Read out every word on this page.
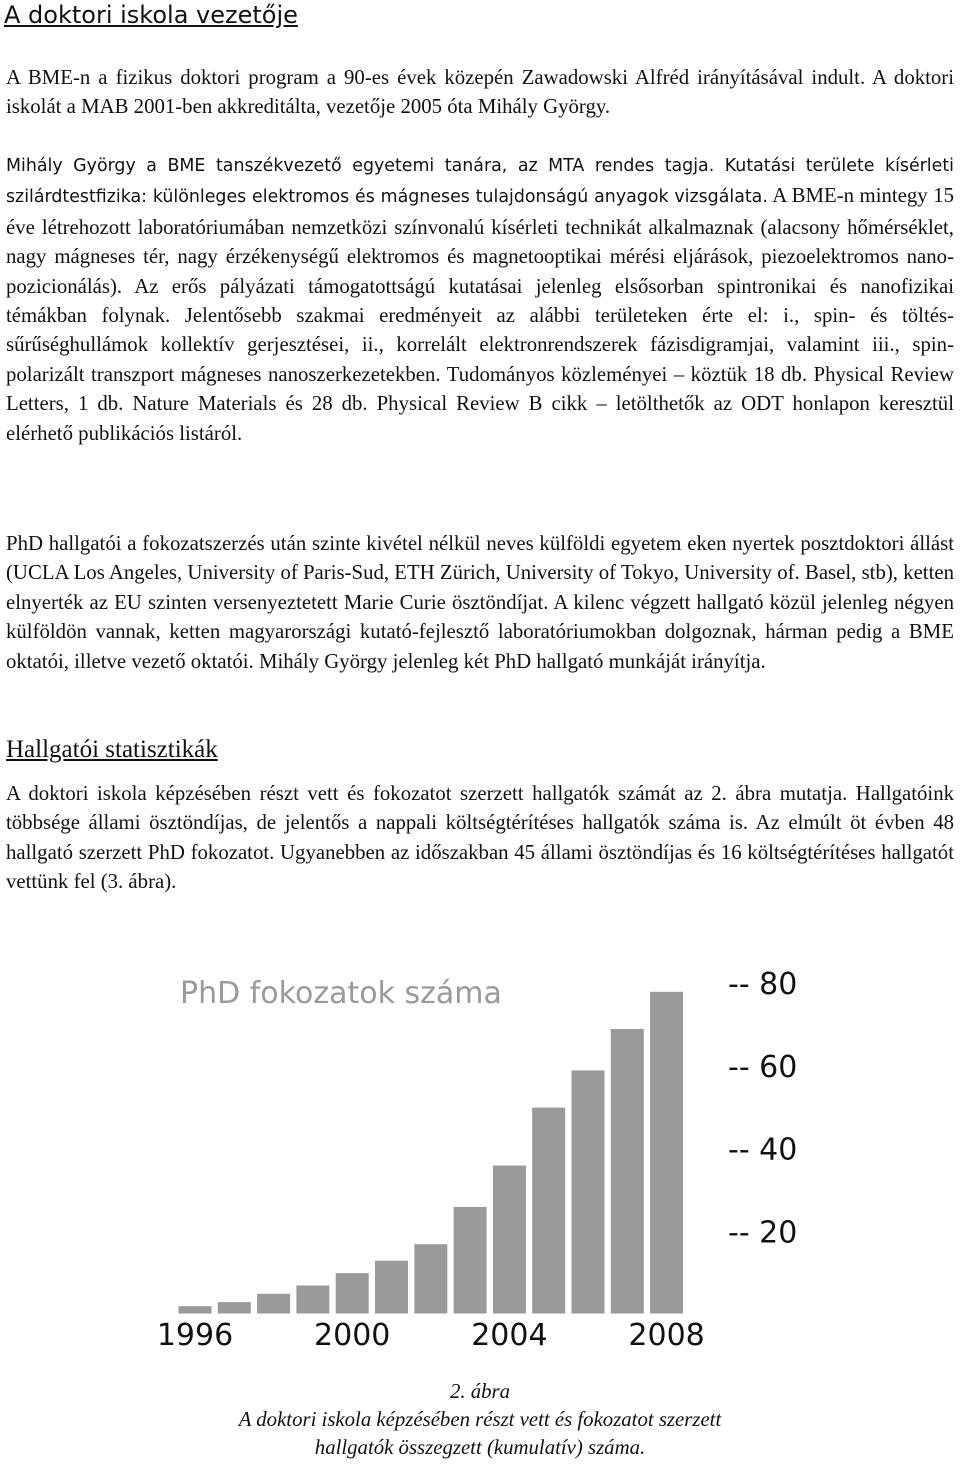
A doktori iskola vezetője

A BME-n a fizikus doktori program a 90-es évek közepén Zawadowski Alfréd irányításával indult. A doktori iskolát a MAB 2001-ben akkreditálta, vezetője 2005 óta Mihály György.

Mihály György a BME tanszékvezető egyetemi tanára, az MTA rendes tagja. Kutatási területe kísérleti szilárdtestfizika: különleges elektromos és mágneses tulajdonságú anyagok vizsgálata. A BME-n mintegy 15 éve létrehozott laboratóriumában nemzetközi színvonalú kísérleti technikát alkalmaznak (alacsony hőmérséklet, nagy mágneses tér, nagy érzékenységű elektromos és magnetooptikai mérési eljárások, piezoelektromos nano-pozicionálás). Az erős pályázati támogatottságú kutatásai jelenleg elsősorban spintronikai és nanofizikai témákban folynak. Jelentősebb szakmai eredményeit az alábbi területeken érte el: i., spin- és töltés-sűrűséghullámok kollektív gerjesztései, ii., korrelált elektronrendszerek fázisdigramjai, valamint iii., spin-polarizált transzport mágneses nanoszerkezetekben. Tudományos közleményei – köztük 18 db. Physical Review Letters, 1 db. Nature Materials és 28 db. Physical Review B cikk – letölthetők az ODT honlapon keresztül elérhető publikációs listáról.

PhD hallgatói a fokozatszerzés után szinte kivétel nélkül neves külföldi egyetem eken nyertek posztdoktori állást (UCLA Los Angeles, University of Paris-Sud, ETH Zürich, University of Tokyo, University of. Basel, stb), ketten elnyerték az EU szinten versenyeztetett Marie Curie ösztöndíjat. A kilenc végzett hallgató közül jelenleg négyen külföldön vannak, ketten magyarországi kutató-fejlesztő laboratóriumokban dolgoznak, hárman pedig a BME oktatói, illetve vezető oktatói. Mihály György jelenleg két PhD hallgató munkáját irányítja.

Hallgatói statisztikák

A doktori iskola képzésében részt vett és fokozatot szerzett hallgatók számát az 2. ábra mutatja. Hallgatóink többsége állami ösztöndíjas, de jelentős a nappali költségtérítéses hallgatók száma is. Az elmúlt öt évben 48 hallgató szerzett PhD fokozatot. Ugyanebben az időszakban 45 állami ösztöndíjas és 16 költségtérítéses hallgatót vettünk fel (3. ábra).

PhD fokozatok száma
-- 20
-- 40
-- 60
-- 80
1996	2000	2004	2008
2. ábra
A doktori iskola képzésében részt vett és fokozatot szerzett
hallgatók összegzett (kumulatív) száma.
